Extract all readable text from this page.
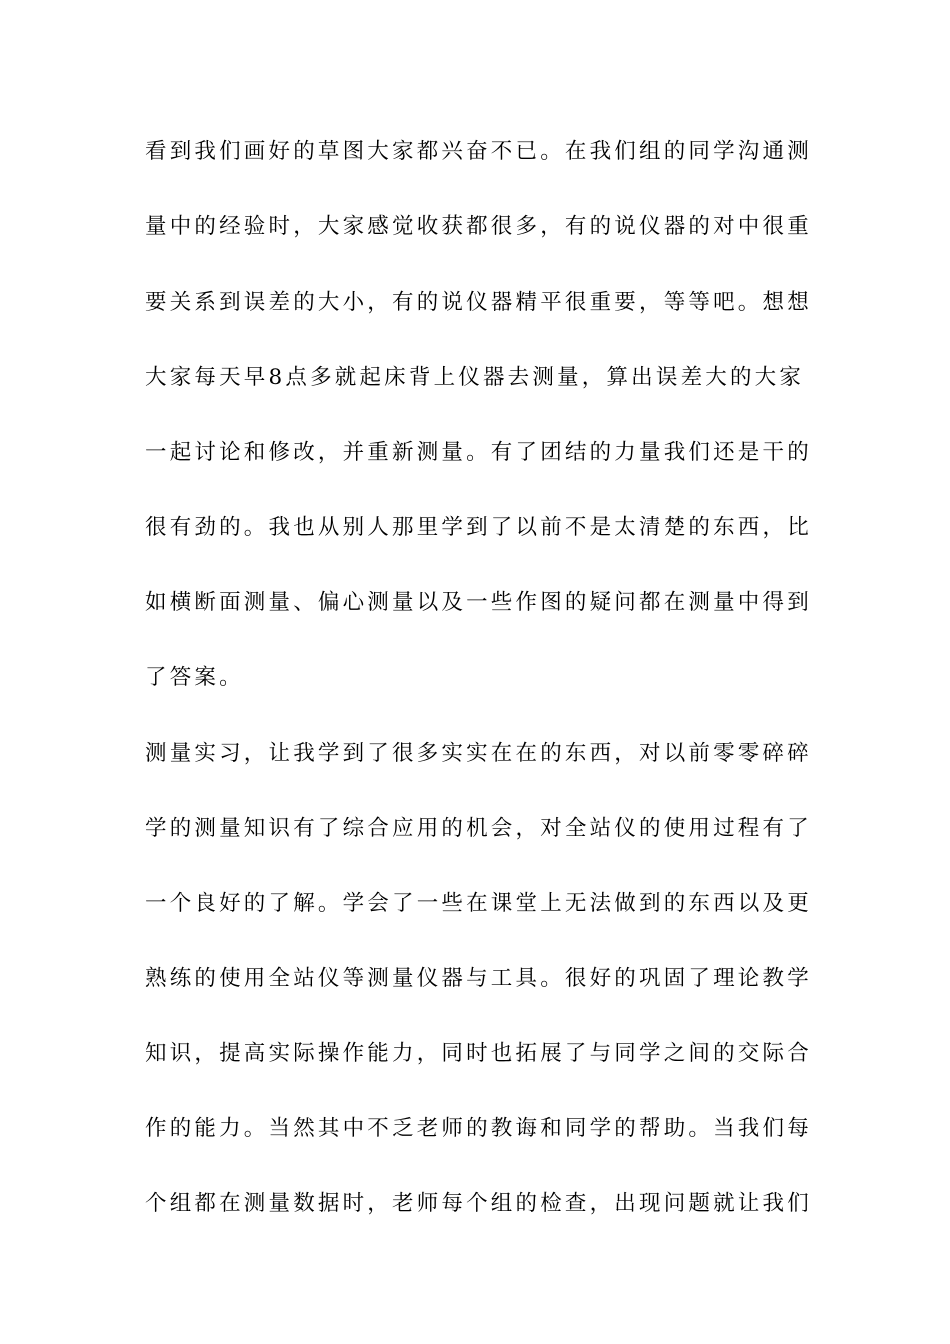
看到我们画好的草图大家都兴奋不已。在我们组的同学沟通测
量中的经验时，大家感觉收获都很多，有的说仪器的对中很重
要关系到误差的大小，有的说仪器精平很重要，等等吧。想想
大家每天早8点多就起床背上仪器去测量，算出误差大的大家
一起讨论和修改，并重新测量。有了团结的力量我们还是干的
很有劲的。我也从别人那里学到了以前不是太清楚的东西，比
如横断面测量、偏心测量以及一些作图的疑问都在测量中得到
了答案。
测量实习，让我学到了很多实实在在的东西，对以前零零碎碎
学的测量知识有了综合应用的机会，对全站仪的使用过程有了
一个良好的了解。学会了一些在课堂上无法做到的东西以及更
熟练的使用全站仪等测量仪器与工具。很好的巩固了理论教学
知识，提高实际操作能力，同时也拓展了与同学之间的交际合
作的能力。当然其中不乏老师的教诲和同学的帮助。当我们每
个组都在测量数据时，老师每个组的检查，出现问题就让我们
